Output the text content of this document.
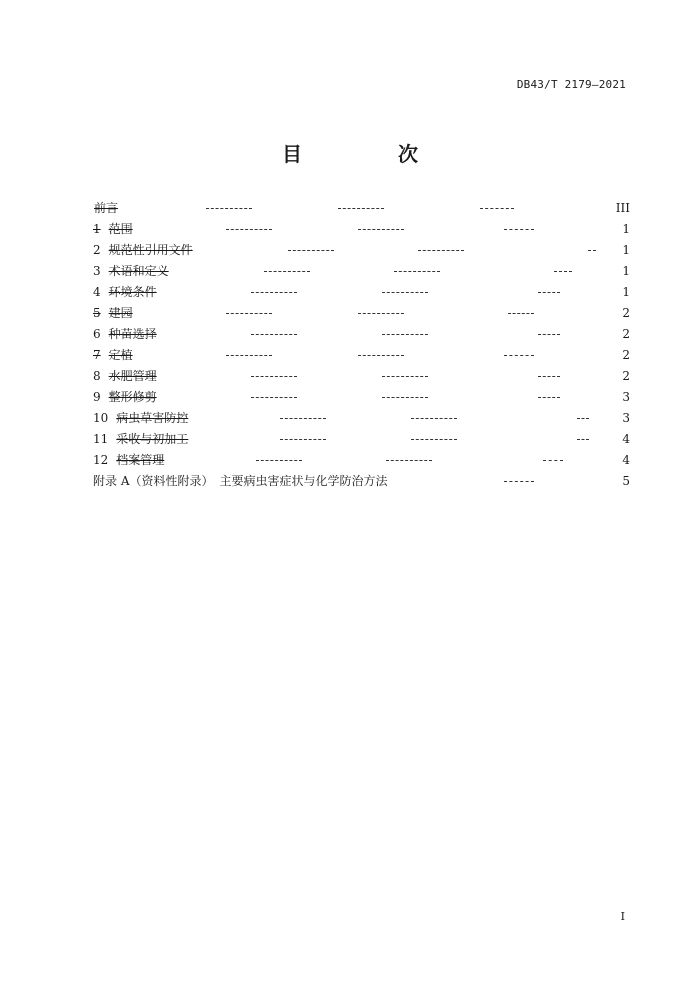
DB43/T 2179—2021
目　次
前言	III
1 范围	1
2 规范性引用文件	1
3 术语和定义	1
4 环境条件	1
5 建园	2
6 种苗选择	2
7 定植	2
8 水肥管理	2
9 整形修剪	3
10 病虫草害防控	3
11 采收与初加工	4
12 档案管理	4
附录 A（资料性附录）　主要病虫害症状与化学防治方法	5
I
